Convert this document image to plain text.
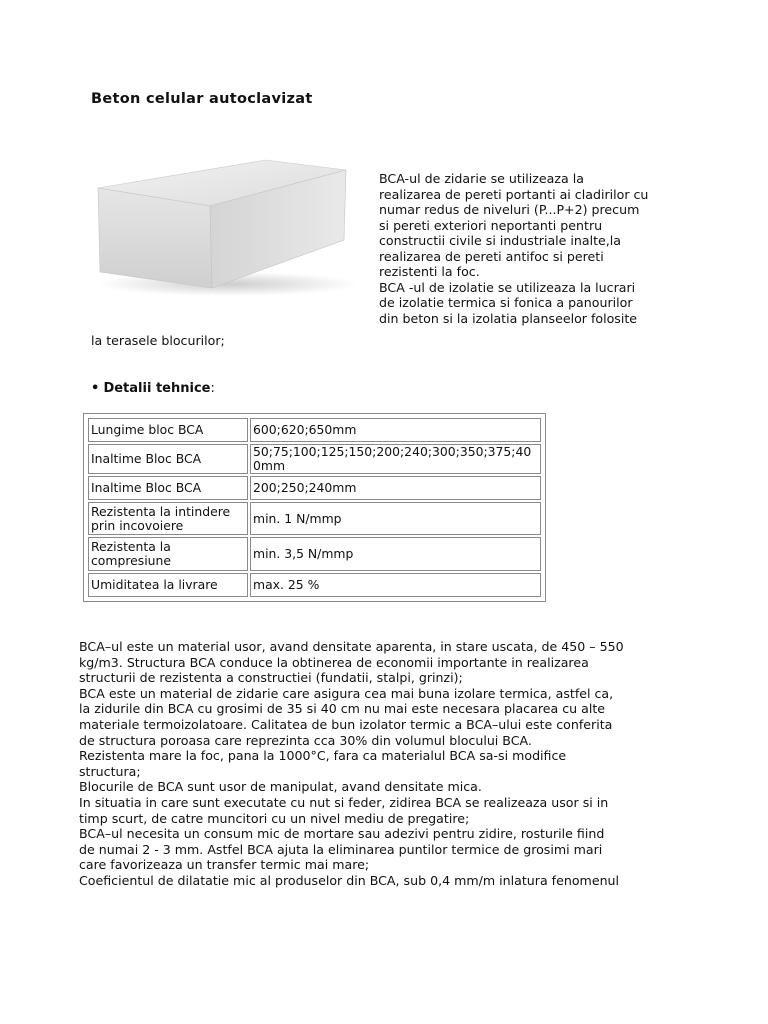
Beton celular autoclavizat
BCA-ul de zidarie se utilizeaza la
realizarea de pereti portanti ai cladirilor cu
numar redus de niveluri (P...P+2) precum
si pereti exteriori neportanti pentru
constructii civile si industriale inalte,la
realizarea de pereti antifoc si pereti
rezistenti la foc.
BCA -ul de izolatie se utilizeaza la lucrari
de izolatie termica si fonica a panourilor
din beton si la izolatia planseelor folosite
la terasele blocurilor;
• Detalii tehnice:
Lungime bloc BCA	600;620;650mm
Inaltime Bloc BCA	50;75;100;125;150;200;240;300;350;375;400mm
Inaltime Bloc BCA	200;250;240mm
Rezistenta la intindere prin incovoiere	min. 1 N/mmp
Rezistenta la compresiune	min. 3,5 N/mmp
Umiditatea la livrare	max. 25 %
BCA–ul este un material usor, avand densitate aparenta, in stare uscata, de 450 – 550
kg/m3. Structura BCA conduce la obtinerea de economii importante in realizarea
structurii de rezistenta a constructiei (fundatii, stalpi, grinzi);
BCA este un material de zidarie care asigura cea mai buna izolare termica, astfel ca,
la zidurile din BCA cu grosimi de 35 si 40 cm nu mai este necesara placarea cu alte
materiale termoizolatoare. Calitatea de bun izolator termic a BCA–ului este conferita
de structura poroasa care reprezinta cca 30% din volumul blocului BCA.
Rezistenta mare la foc, pana la 1000°C, fara ca materialul BCA sa-si modifice
structura;
Blocurile de BCA sunt usor de manipulat, avand densitate mica.
In situatia in care sunt executate cu nut si feder, zidirea BCA se realizeaza usor si in
timp scurt, de catre muncitori cu un nivel mediu de pregatire;
BCA–ul necesita un consum mic de mortare sau adezivi pentru zidire, rosturile fiind
de numai 2 - 3 mm. Astfel BCA ajuta la eliminarea puntilor termice de grosimi mari
care favorizeaza un transfer termic mai mare;
Coeficientul de dilatatie mic al produselor din BCA, sub 0,4 mm/m inlatura fenomenul
